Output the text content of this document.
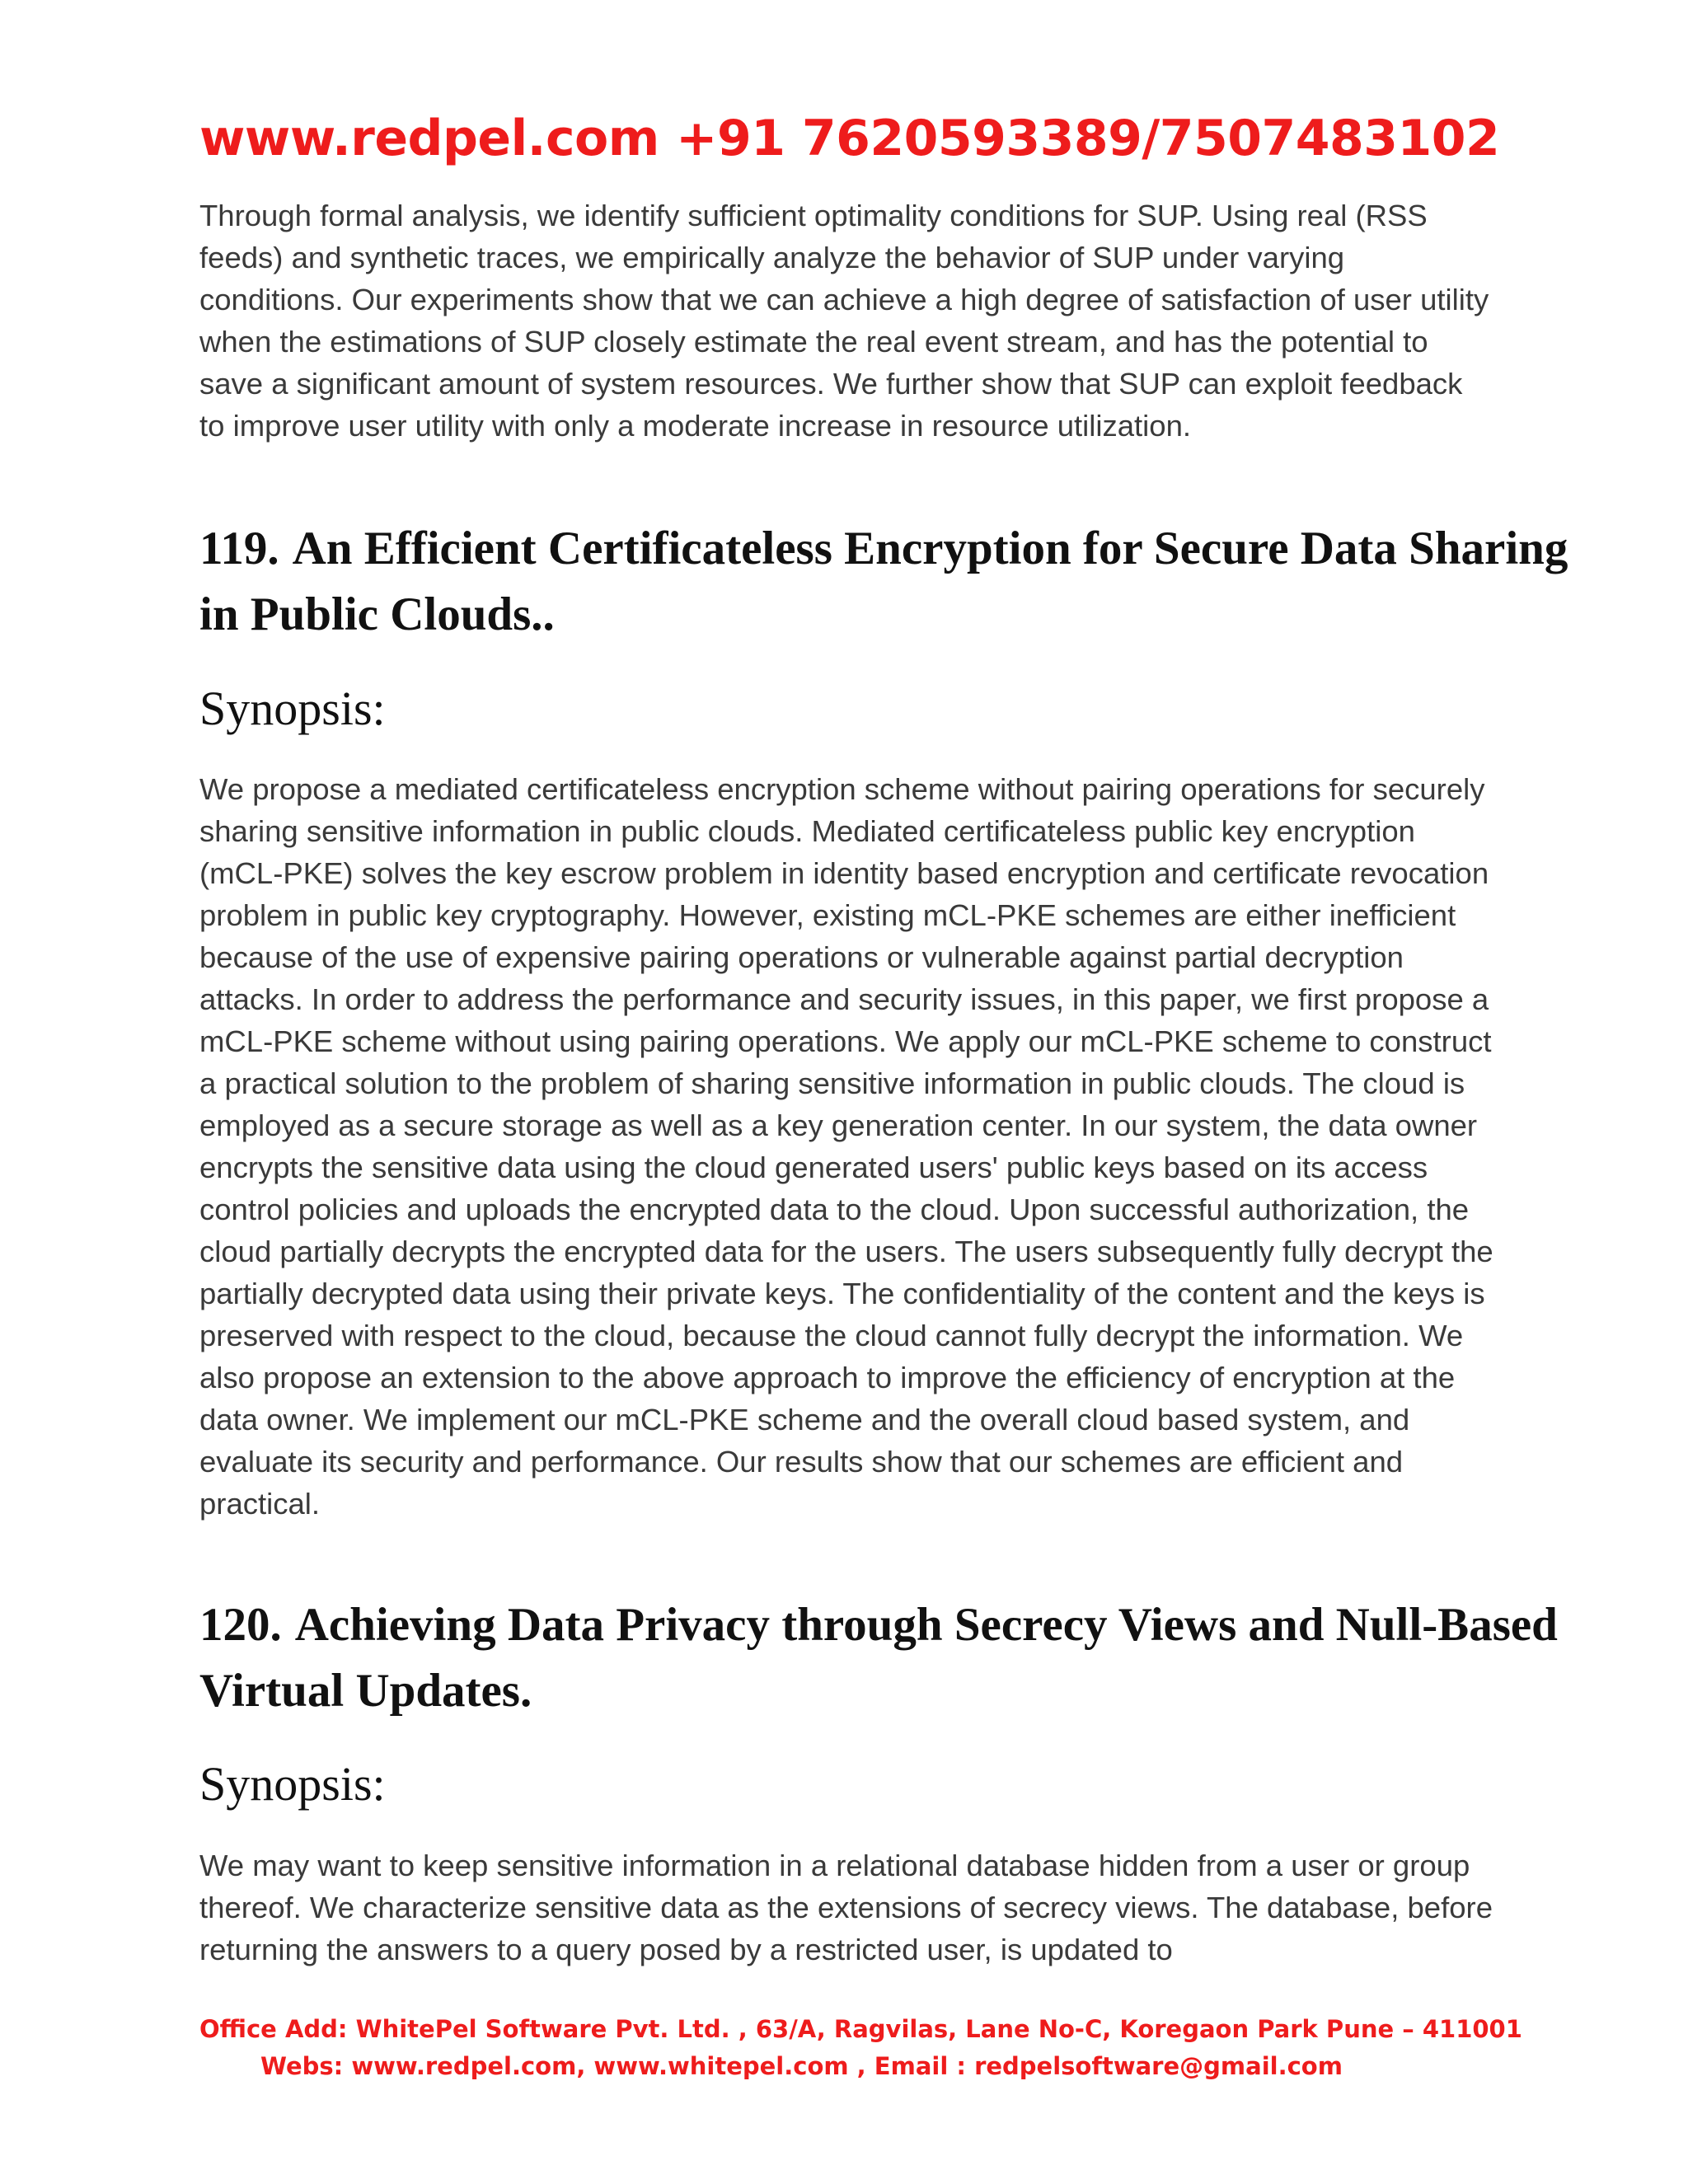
www.redpel.com +91 7620593389/7507483102

Through formal analysis, we identify sufficient optimality conditions for SUP. Using real (RSS feeds) and synthetic traces, we empirically analyze the behavior of SUP under varying conditions. Our experiments show that we can achieve a high degree of satisfaction of user utility when the estimations of SUP closely estimate the real event stream, and has the potential to save a significant amount of system resources. We further show that SUP can exploit feedback to improve user utility with only a moderate increase in resource utilization.

119. An Efficient Certificateless Encryption for Secure Data Sharing in Public Clouds..

Synopsis:

We propose a mediated certificateless encryption scheme without pairing operations for securely sharing sensitive information in public clouds. Mediated certificateless public key encryption (mCL-PKE) solves the key escrow problem in identity based encryption and certificate revocation problem in public key cryptography. However, existing mCL-PKE schemes are either inefficient because of the use of expensive pairing operations or vulnerable against partial decryption attacks. In order to address the performance and security issues, in this paper, we first propose a mCL-PKE scheme without using pairing operations. We apply our mCL-PKE scheme to construct a practical solution to the problem of sharing sensitive information in public clouds. The cloud is employed as a secure storage as well as a key generation center. In our system, the data owner encrypts the sensitive data using the cloud generated users' public keys based on its access control policies and uploads the encrypted data to the cloud. Upon successful authorization, the cloud partially decrypts the encrypted data for the users. The users subsequently fully decrypt the partially decrypted data using their private keys. The confidentiality of the content and the keys is preserved with respect to the cloud, because the cloud cannot fully decrypt the information. We also propose an extension to the above approach to improve the efficiency of encryption at the data owner. We implement our mCL-PKE scheme and the overall cloud based system, and evaluate its security and performance. Our results show that our schemes are efficient and practical.

120. Achieving Data Privacy through Secrecy Views and Null-Based Virtual Updates.

Synopsis:

We may want to keep sensitive information in a relational database hidden from a user or group thereof. We characterize sensitive data as the extensions of secrecy views. The database, before returning the answers to a query posed by a restricted user, is updated to

Office Add: WhitePel Software Pvt. Ltd. , 63/A, Ragvilas, Lane No-C, Koregaon Park Pune – 411001

Webs: www.redpel.com, www.whitepel.com , Email : redpelsoftware@gmail.com
